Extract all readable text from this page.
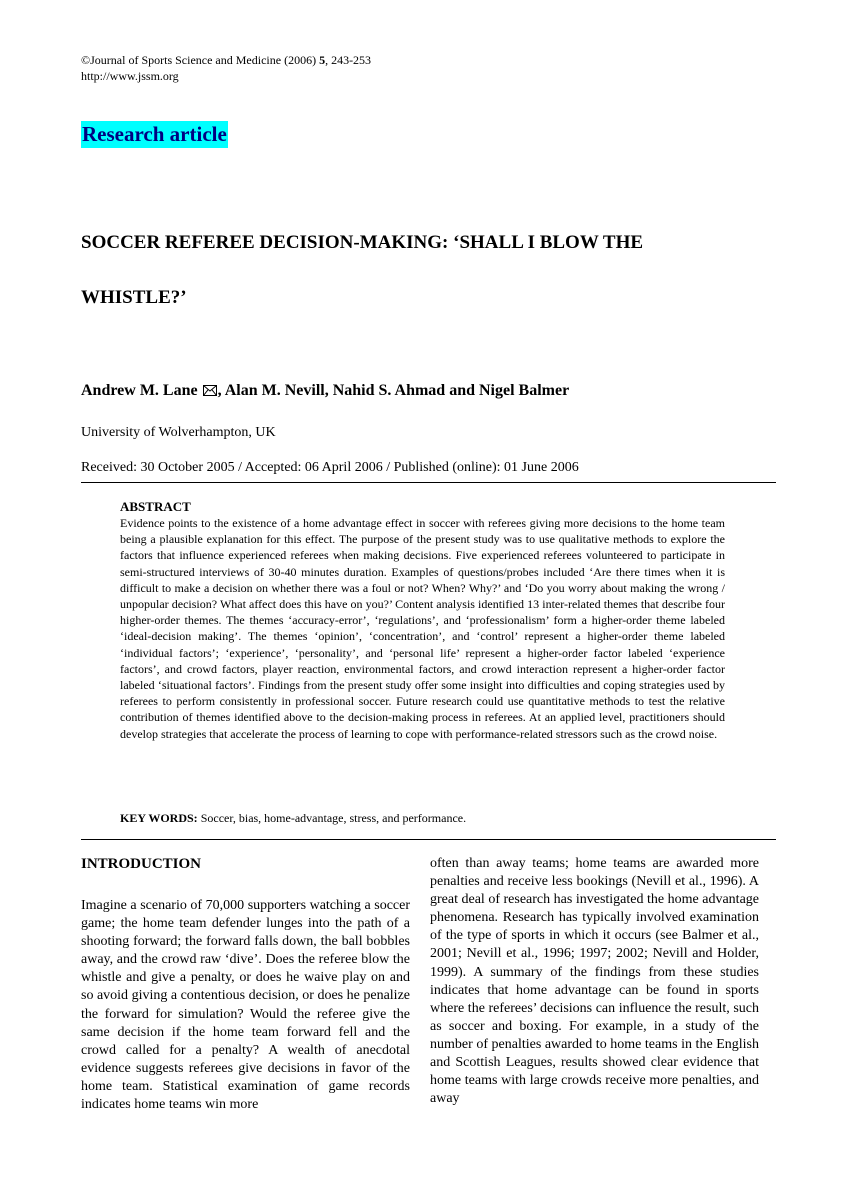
©Journal of Sports Science and Medicine (2006) 5, 243-253
http://www.jssm.org
Research article
SOCCER REFEREE DECISION-MAKING: ‘SHALL I BLOW THE
WHISTLE?’
Andrew M. Lane , Alan M. Nevill, Nahid S. Ahmad and Nigel Balmer
University of Wolverhampton, UK
Received: 30 October 2005 / Accepted: 06 April 2006 / Published (online): 01 June 2006
ABSTRACT

Evidence points to the existence of a home advantage effect in soccer with referees giving more decisions to the home team being a plausible explanation for this effect. The purpose of the present study was to use qualitative methods to explore the factors that influence experienced referees when making decisions. Five experienced referees volunteered to participate in semi-structured interviews of 30-40 minutes duration. Examples of questions/probes included ‘Are there times when it is difficult to make a decision on whether there was a foul or not? When? Why?’ and ‘Do you worry about making the wrong / unpopular decision? What affect does this have on you?’ Content analysis identified 13 inter-related themes that describe four higher-order themes. The themes ‘accuracy-error’, ‘regulations’, and ‘professionalism’ form a higher-order theme labeled ‘ideal-decision making’. The themes ‘opinion’, ‘concentration’, and ‘control’ represent a higher-order theme labeled ‘individual factors’; ‘experience’, ‘personality’, and ‘personal life’ represent a higher-order factor labeled ‘experience factors’, and crowd factors, player reaction, environmental factors, and crowd interaction represent a higher-order factor labeled ‘situational factors’. Findings from the present study offer some insight into difficulties and coping strategies used by referees to perform consistently in professional soccer. Future research could use quantitative methods to test the relative contribution of themes identified above to the decision-making process in referees. At an applied level, practitioners should develop strategies that accelerate the process of learning to cope with performance-related stressors such as the crowd noise.

KEY WORDS: Soccer, bias, home-advantage, stress, and performance.
INTRODUCTION

Imagine a scenario of 70,000 supporters watching a soccer game; the home team defender lunges into the path of a shooting forward; the forward falls down, the ball bobbles away, and the crowd raw ‘dive’. Does the referee blow the whistle and give a penalty, or does he waive play on and so avoid giving a contentious decision, or does he penalize the forward for simulation? Would the referee give the same decision if the home team forward fell and the crowd called for a penalty? A wealth of anecdotal evidence suggests referees give decisions in favor of the home team. Statistical examination of game records indicates home teams win more

often than away teams; home teams are awarded more penalties and receive less bookings (Nevill et al., 1996). A great deal of research has investigated the home advantage phenomena. Research has typically involved examination of the type of sports in which it occurs (see Balmer et al., 2001; Nevill et al., 1996; 1997; 2002; Nevill and Holder, 1999). A summary of the findings from these studies indicates that home advantage can be found in sports where the referees’ decisions can influence the result, such as soccer and boxing. For example, in a study of the number of penalties awarded to home teams in the English and Scottish Leagues, results showed clear evidence that home teams with large crowds receive more penalties, and away
